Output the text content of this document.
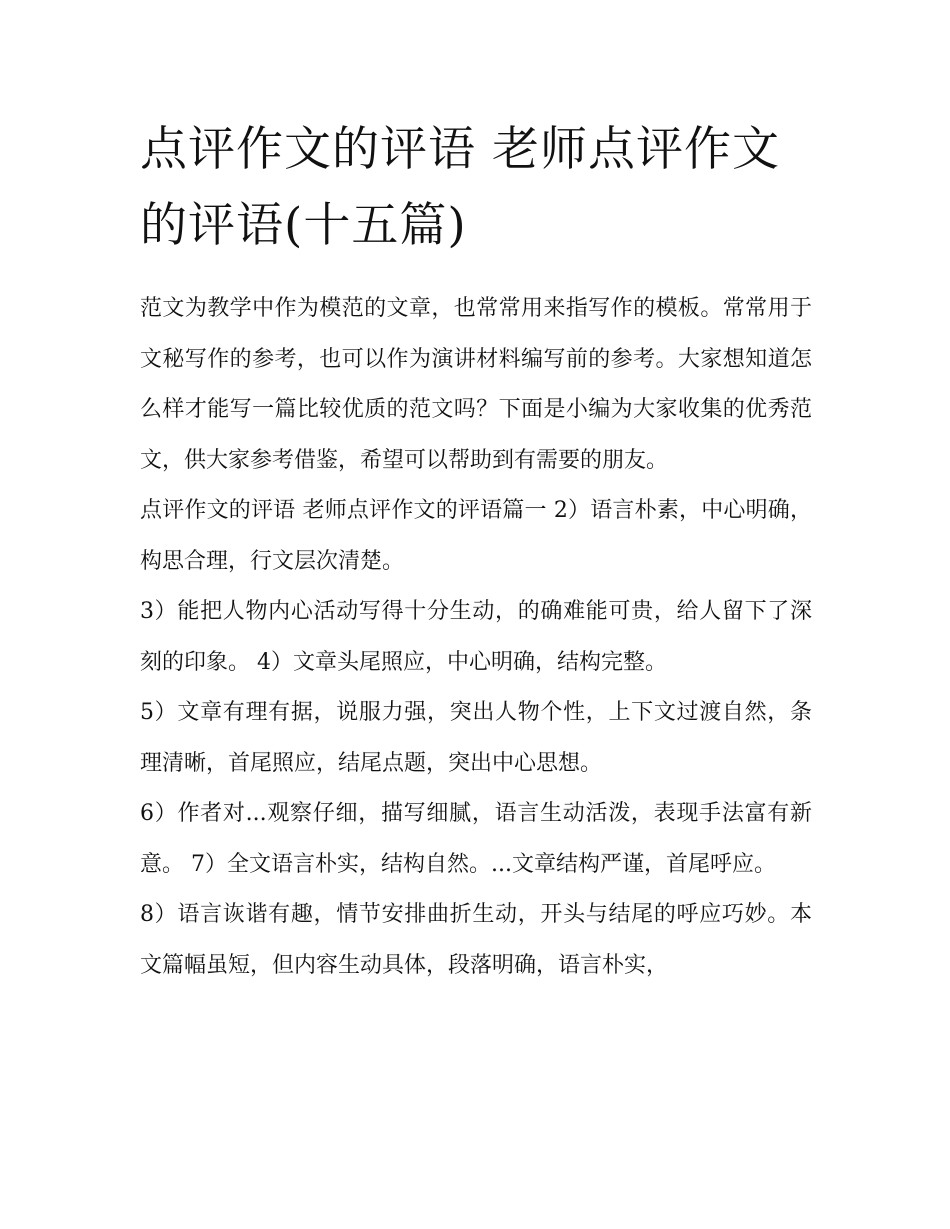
点评作文的评语 老师点评作文的评语(十五篇)

范文为教学中作为模范的文章，也常常用来指写作的模板。常常用于文秘写作的参考，也可以作为演讲材料编写前的参考。大家想知道怎么样才能写一篇比较优质的范文吗？下面是小编为大家收集的优秀范文，供大家参考借鉴，希望可以帮助到有需要的朋友。

点评作文的评语 老师点评作文的评语篇一 2）语言朴素，中心明确，构思合理，行文层次清楚。

3）能把人物内心活动写得十分生动，的确难能可贵，给人留下了深刻的印象。 4）文章头尾照应，中心明确，结构完整。

5）文章有理有据，说服力强，突出人物个性，上下文过渡自然，条理清晰，首尾照应，结尾点题，突出中心思想。

6）作者对...观察仔细，描写细腻，语言生动活泼，表现手法富有新意。 7）全文语言朴实，结构自然。...文章结构严谨，首尾呼应。

8）语言诙谐有趣，情节安排曲折生动，开头与结尾的呼应巧妙。本文篇幅虽短，但内容生动具体，段落明确，语言朴实，
